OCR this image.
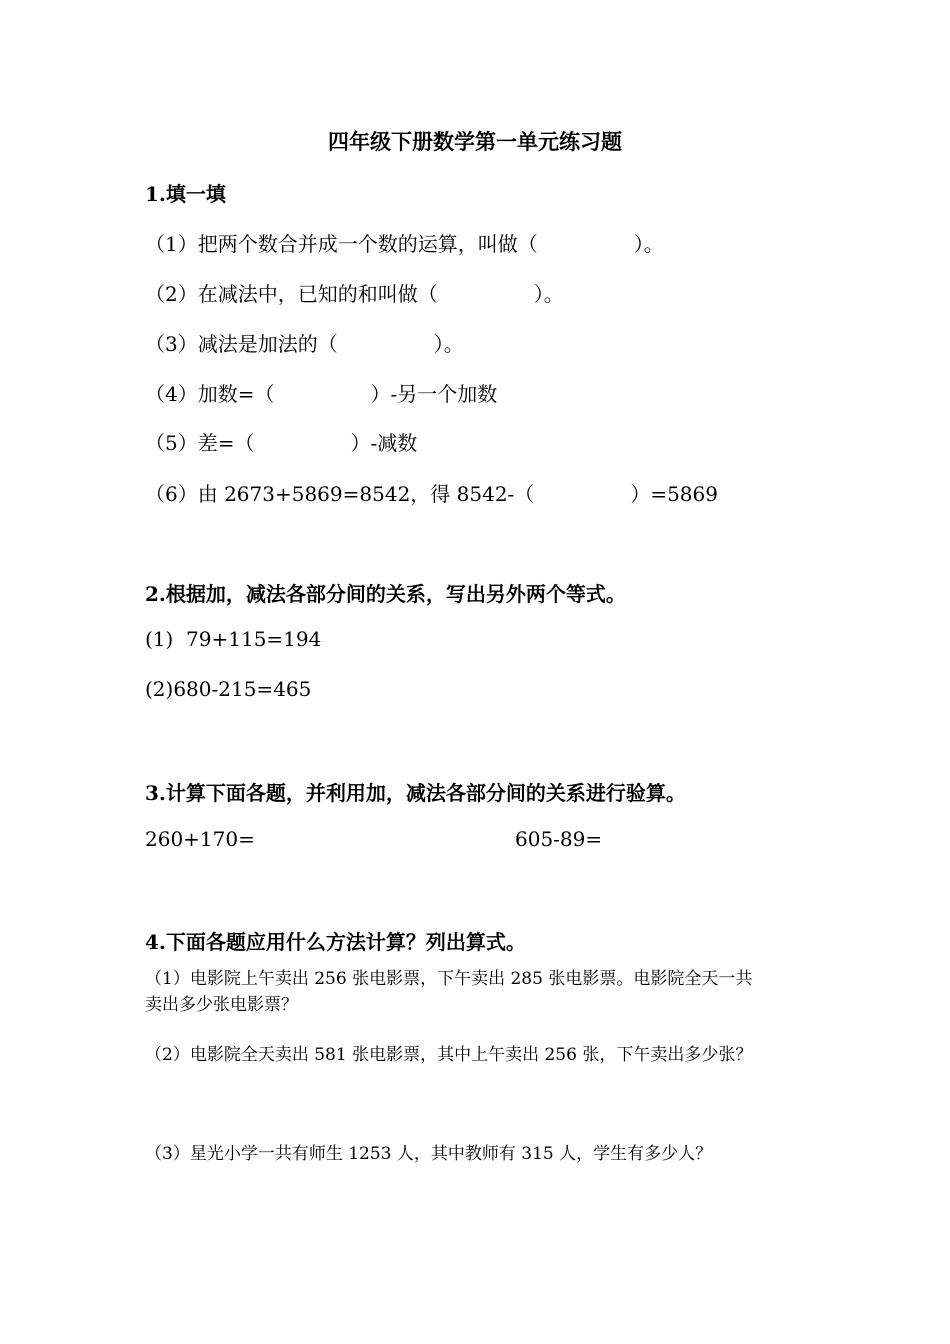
四年级下册数学第一单元练习题
1.填一填
（1）把两个数合并成一个数的运算，叫做（	）。
（2）在减法中，已知的和叫做（	）。
（3）减法是加法的（	）。
（4）加数=（	）-另一个加数
（5）差=（	）-减数
（6）由 2673+5869=8542，得 8542-（	）=5869
2.根据加，减法各部分间的关系，写出另外两个等式。
(1)  79+115=194
(2)680-215=465
3.计算下面各题，并利用加，减法各部分间的关系进行验算。
260+170=	605-89=
4.下面各题应用什么方法计算？列出算式。
（1）电影院上午卖出 256 张电影票，下午卖出 285 张电影票。电影院全天一共
卖出多少张电影票？
（2）电影院全天卖出 581 张电影票，其中上午卖出 256 张，下午卖出多少张？
（3）星光小学一共有师生 1253 人，其中教师有 315 人，学生有多少人？
